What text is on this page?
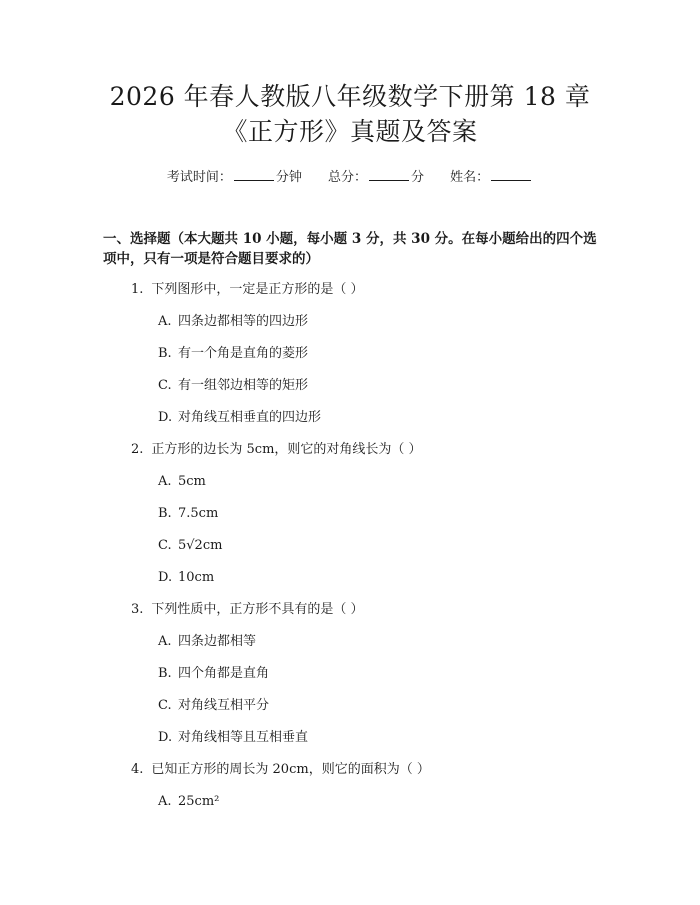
2026 年春人教版八年级数学下册第 18 章
《正方形》真题及答案
考试时间：	分钟 总分：	分 姓名：
一、选择题（本大题共 10 小题，每小题 3 分，共 30 分。在每小题给出的四个选项中，只有一项是符合题目要求的）
1. 下列图形中，一定是正方形的是（ ）
A. 四条边都相等的四边形
B. 有一个角是直角的菱形
C. 有一组邻边相等的矩形
D. 对角线互相垂直的四边形
2. 正方形的边长为 5cm，则它的对角线长为（ ）
A. 5cm
B. 7.5cm
C. 5√2cm
D. 10cm
3. 下列性质中，正方形不具有的是（ ）
A. 四条边都相等
B. 四个角都是直角
C. 对角线互相平分
D. 对角线相等且互相垂直
4. 已知正方形的周长为 20cm，则它的面积为（ ）
A. 25cm²
